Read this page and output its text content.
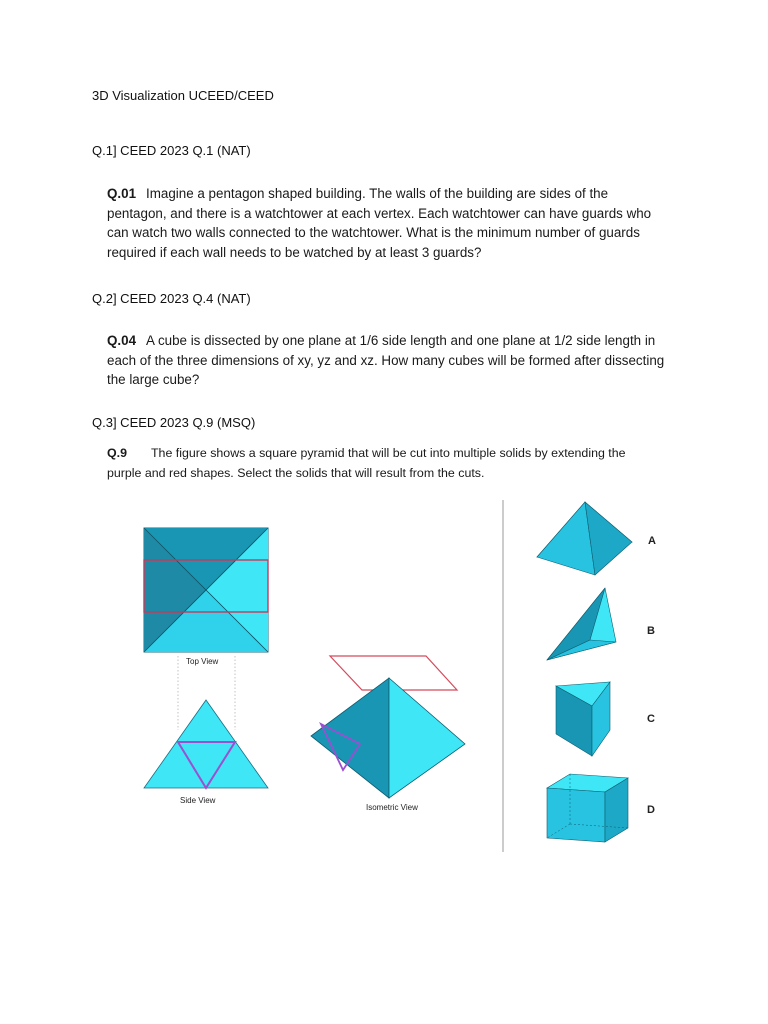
3D Visualization UCEED/CEED
Q.1] CEED 2023 Q.1 (NAT)
Q.01 Imagine a pentagon shaped building. The walls of the building are sides of the pentagon, and there is a watchtower at each vertex. Each watchtower can have guards who can watch two walls connected to the watchtower. What is the minimum number of guards required if each wall needs to be watched by at least 3 guards?
Q.2] CEED 2023 Q.4 (NAT)
Q.04 A cube is dissected by one plane at 1/6 side length and one plane at 1/2 side length in each of the three dimensions of xy, yz and xz. How many cubes will be formed after dissecting the large cube?
Q.3] CEED 2023 Q.9 (MSQ)
Q.9 The figure shows a square pyramid that will be cut into multiple solids by extending the purple and red shapes. Select the solids that will result from the cuts.
Top View
Side View
Isometric View
A
B
C
D
